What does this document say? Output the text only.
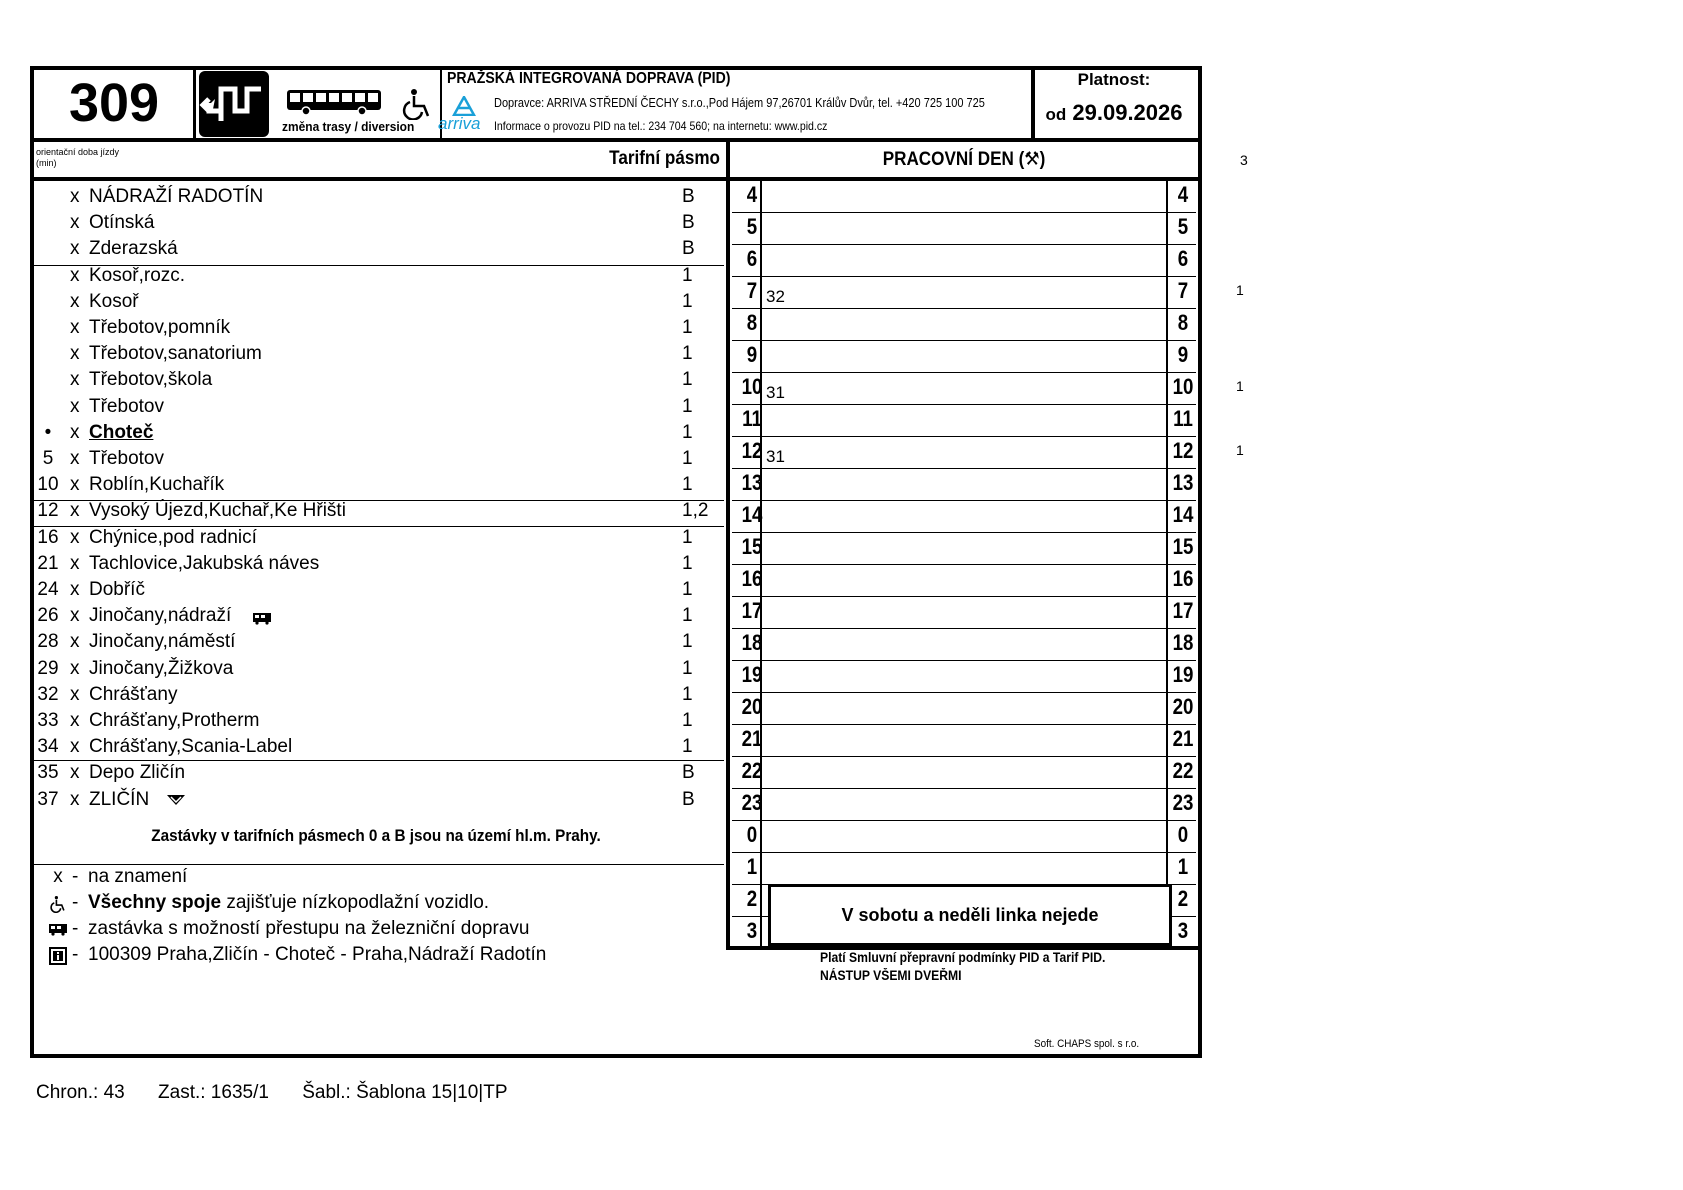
309	změna trasy / diversion
PRAŽSKÁ INTEGROVANÁ DOPRAVA (PID)
arriva
Dopravce: ARRIVA STŘEDNÍ ČECHY s.r.o.,Pod Hájem 97,26701 Králův Dvůr, tel. +420 725 100 725
Informace o provozu PID na tel.: 234 704 560; na internetu: www.pid.cz
Platnost:
od 29.09.2026
orientační doba jízdy (min)	Tarifní pásmo	PRACOVNÍ DEN (⚒)
x NÁDRAŽÍ RADOTÍN	B
x Otínská	B
x Zderazská	B
x Kosoř,rozc.	1
x Kosoř	1
x Třebotov,pomník	1
x Třebotov,sanatorium	1
x Třebotov,škola	1
x Třebotov	1
• x Choteč	1
5 x Třebotov	1
10 x Roblín,Kuchařík	1
12 x Vysoký Újezd,Kuchař,Ke Hřišti	1,2
16 x Chýnice,pod radnicí	1
21 x Tachlovice,Jakubská náves	1
24 x Dobříč	1
26 x Jinočany,nádraží	1
28 x Jinočany,náměstí	1
29 x Jinočany,Žižkova	1
32 x Chrášťany	1
33 x Chrášťany,Protherm	1
34 x Chrášťany,Scania-Label	1
35 x Depo Zličín	B
37 x ZLIČÍN	B
Zastávky v tarifních pásmech 0 a B jsou na území hl.m. Prahy.
x - na znamení
- Všechny spoje zajišťuje nízkopodlažní vozidlo.
- zastávka s možností přestupu na železniční dopravu
- 100309 Praha,Zličín - Choteč - Praha,Nádraží Radotín
4	4
5	5
6	6
7 32	7
8	8
9	9
10 31	10
11	11
12 31	12
13	13
14	14
15	15
16	16
17	17
18	18
19	19
20	20
21	21
22	22
23	23
0	0
1	1
2	2
3	3
V sobotu a neděli linka nejede
Platí Smluvní přepravní podmínky PID a Tarif PID.
NÁSTUP VŠEMI DVEŘMI
Soft. CHAPS spol. s r.o.
3
1
1
1
Chron.: 43 Zast.: 1635/1 Šabl.: Šablona 15|10|TP
